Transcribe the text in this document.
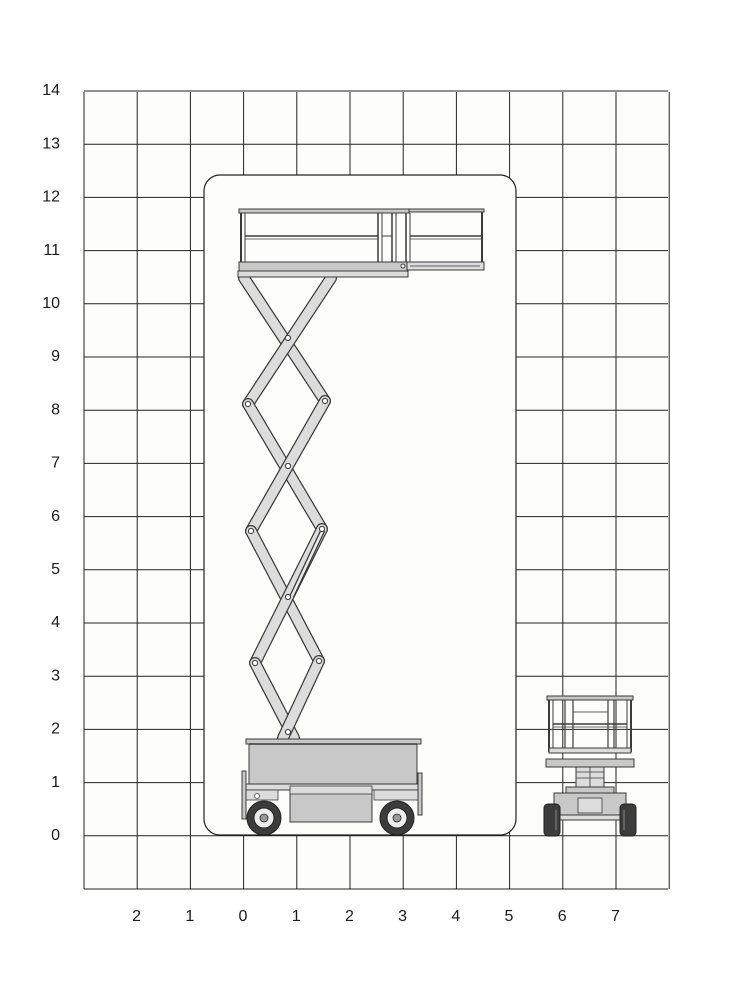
0
1
2
3
4
5
6
7
8
9
10
11
12
13
14
2	1	0	1	2	3	4	5	6	7
